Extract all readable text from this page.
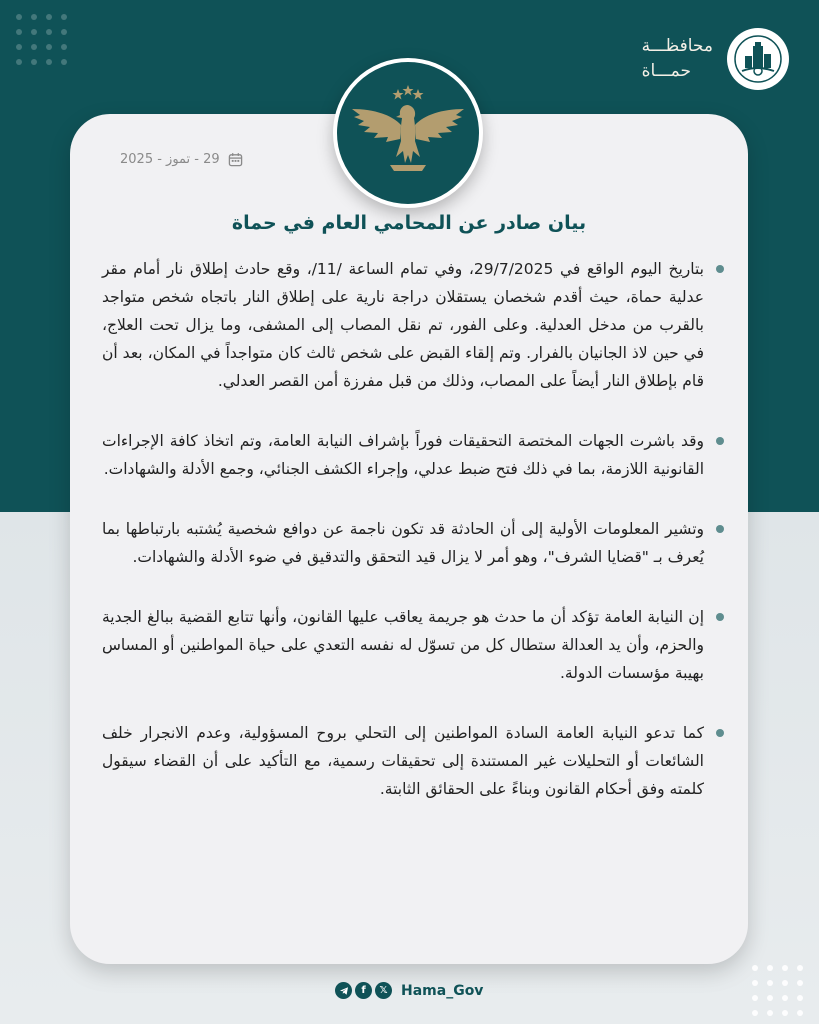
محافظـــة
حمـــاة
29 - تموز - 2025
بيان صادر عن المحامي العام في حماة

بتاريخ اليوم الواقع في 29/7/2025، وفي تمام الساعة /11/، وقع حادث إطلاق نار أمام مقر عدلية حماة، حيث أقدم شخصان يستقلان دراجة نارية على إطلاق النار باتجاه شخص متواجد بالقرب من مدخل العدلية. وعلى الفور، تم نقل المصاب إلى المشفى، وما يزال تحت العلاج، في حين لاذ الجانيان بالفرار. وتم إلقاء القبض على شخص ثالث كان متواجداً في المكان، بعد أن قام بإطلاق النار أيضاً على المصاب، وذلك من قبل مفرزة أمن القصر العدلي.

وقد باشرت الجهات المختصة التحقيقات فوراً بإشراف النيابة العامة، وتم اتخاذ كافة الإجراءات القانونية اللازمة، بما في ذلك فتح ضبط عدلي، وإجراء الكشف الجنائي، وجمع الأدلة والشهادات.

وتشير المعلومات الأولية إلى أن الحادثة قد تكون ناجمة عن دوافع شخصية يُشتبه بارتباطها بما يُعرف بـ "قضايا الشرف"، وهو أمر لا يزال قيد التحقق والتدقيق في ضوء الأدلة والشهادات.

إن النيابة العامة تؤكد أن ما حدث هو جريمة يعاقب عليها القانون، وأنها تتابع القضية ببالغ الجدية والحزم، وأن يد العدالة ستطال كل من تسوّل له نفسه التعدي على حياة المواطنين أو المساس بهيبة مؤسسات الدولة.

كما تدعو النيابة العامة السادة المواطنين إلى التحلي بروح المسؤولية، وعدم الانجرار خلف الشائعات أو التحليلات غير المستندة إلى تحقيقات رسمية، مع التأكيد على أن القضاء سيقول كلمته وفق أحكام القانون وبناءً على الحقائق الثابتة.

f	𝕏 Hama_Gov
